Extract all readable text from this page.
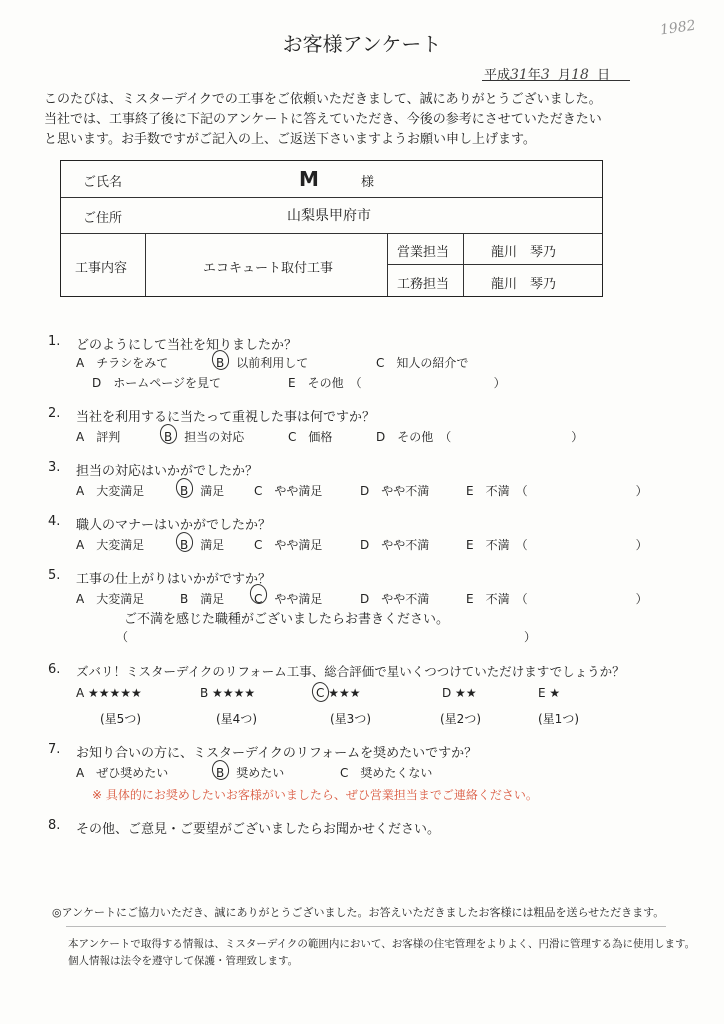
お客様アンケート
1982
平成31年3 月18 日

このたびは、ミスターデイクでの工事をご依頼いただきまして、誠にありがとうございました。

当社では、工事終了後に下記のアンケートに答えていただき、今後の参考にさせていただきたい

と思います。お手数ですがご記入の上、ご返送下さいますようお願い申し上げます。

ご氏名	M	様
ご住所	山梨県甲府市
工事内容	エコキュート取付工事
営業担当	龍川　琴乃
工務担当	龍川　琴乃
1. どのようにして当社を知りましたか？
A　チラシをみて	B　以前利用して	C　知人の紹介で
D　ホームページを見て	E　その他　（　　　　　　　　　　　）
2. 当社を利用するに当たって重視した事は何ですか？
A　評判	B　担当の対応	C　価格	D　その他　（　　　　　　　　　　）
3. 担当の対応はいかがでしたか？
A　大変満足	B　満足 C　やや満足	D　やや不満	E　不満　（　　　　　　　　　）
4. 職人のマナーはいかがでしたか？
A　大変満足	B　満足 C　やや満足	D　やや不満	E　不満　（　　　　　　　　　）
5. 工事の仕上がりはいかがですか？
A　大変満足	B　満足 C　やや満足	D　やや不満	E　不満　（　　　　　　　　　）
ご不満を感じた職種がございましたらお書きください。
（　　　　　　　　　　　　　　　　　　　　　　　　　　　　　　　　　）
6. ズバリ！ミスターデイクのリフォーム工事、総合評価で星いくつつけていただけますでしょうか？
A ★★★★★	B ★★★★	C ★★★	D ★★	E ★
(星5つ)	(星4つ)	(星3つ)	(星2つ)	(星1つ)
7. お知り合いの方に、ミスターデイクのリフォームを奨めたいですか？
A　ぜひ奨めたい	B　奨めたい	C　奨めたくない
※ 具体的にお奨めしたいお客様がいましたら、ぜひ営業担当までご連絡ください。
8. その他、ご意見・ご要望がございましたらお聞かせください。
◎アンケートにご協力いただき、誠にありがとうございました。お答えいただきましたお客様には粗品を送らせただきます。

本アンケートで取得する情報は、ミスターデイクの範囲内において、お客様の住宅管理をよりよく、円滑に管理する為に使用します。

個人情報は法令を遵守して保護・管理致します。
